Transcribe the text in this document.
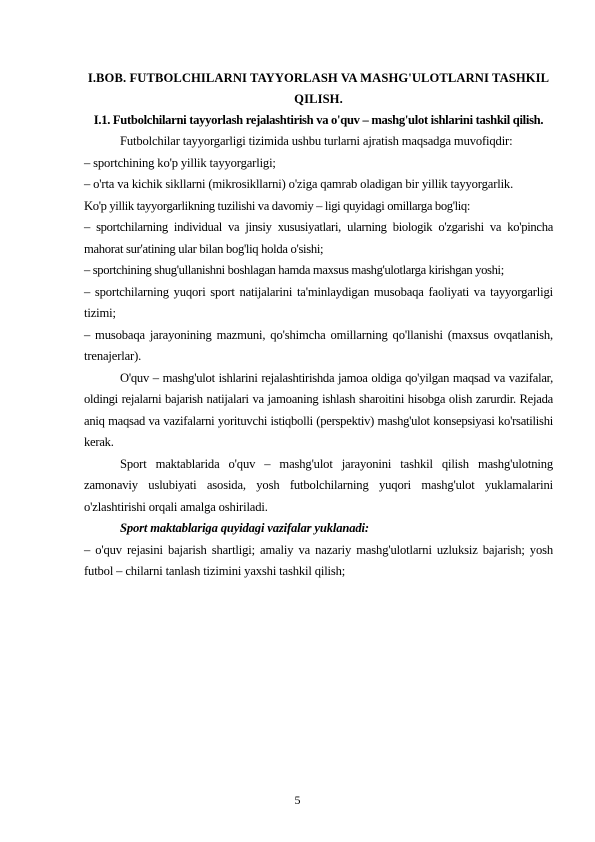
I.BOB. FUTBOLCHILARNI TAYYORLASH VA MASHG'ULOTLARNI TASHKIL QILISH.

I.1. Futbolchilarni tayyorlash rejalashtirish va o'quv – mashg'ulot ishlarini tashkil qilish.

Futbolchilar tayyorgarligi tizimida ushbu turlarni ajratish maqsadga muvofiqdir:

– sportchining ko'p yillik tayyorgarligi;

– o'rta va kichik sikllarni (mikrosikllarni) o'ziga qamrab oladigan bir yillik tayyorgarlik.

Ko'p yillik tayyorgarlikning tuzilishi va davomiy – ligi quyidagi omillarga bog'liq:

– sportchilarning individual va jinsiy xususiyatlari, ularning biologik o'zgarishi va ko'pincha mahorat sur'atining ular bilan bog'liq holda o'sishi;

– sportchining shug'ullanishni boshlagan hamda maxsus mashg'ulotlarga kirishgan yoshi;

– sportchilarning yuqori sport natijalarini ta'minlaydigan musobaqa faoliyati va tayyorgarligi tizimi;

– musobaqa jarayonining mazmuni, qo'shimcha omillarning qo'llanishi (maxsus ovqatlanish, trenajerlar).

O'quv – mashg'ulot ishlarini rejalashtirishda jamoa oldiga qo'yilgan maqsad va vazifalar, oldingi rejalarni bajarish natijalari va jamoaning ishlash sharoitini hisobga olish zarurdir. Rejada aniq maqsad va vazifalarni yorituvchi istiqbolli (perspektiv) mashg'ulot konsepsiyasi ko'rsatilishi kerak.

Sport maktablarida o'quv – mashg'ulot jarayonini tashkil qilish mashg'ulotning zamonaviy uslubiyati asosida, yosh futbolchilarning yuqori mashg'ulot yuklamalarini o'zlashtirishi orqali amalga oshiriladi.

Sport maktablariga quyidagi vazifalar yuklanadi:

– o'quv rejasini bajarish shartligi; amaliy va nazariy mashg'ulotlarni uzluksiz bajarish; yosh futbol – chilarni tanlash tizimini yaxshi tashkil qilish;

5
